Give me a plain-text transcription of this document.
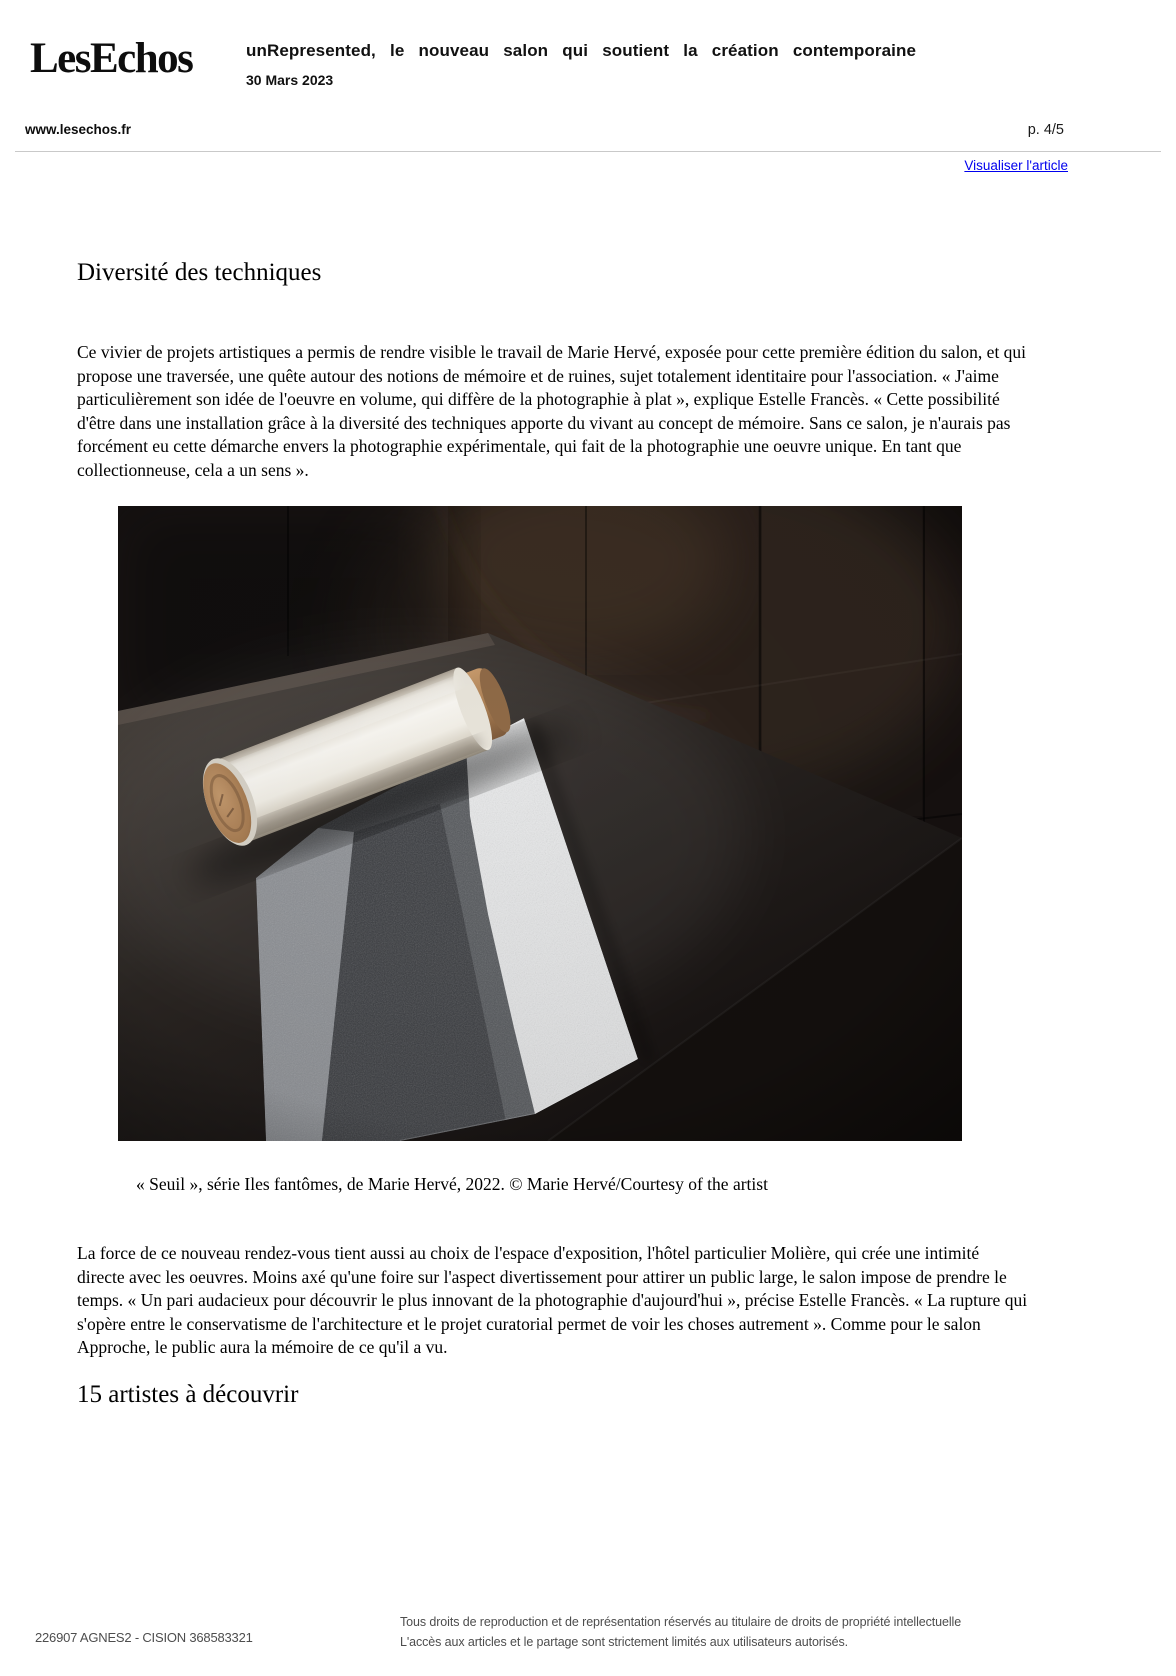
LesEchos	unRepresented, le nouveau salon qui soutient la création contemporaine
30 Mars 2023
www.lesechos.fr	p. 4/5
Visualiser l'article
Diversité des techniques

Ce vivier de projets artistiques a permis de rendre visible le travail de Marie Hervé, exposée pour cette première édition du salon, et qui propose une traversée, une quête autour des notions de mémoire et de ruines, sujet totalement identitaire pour l'association. « J'aime particulièrement son idée de l'oeuvre en volume, qui diffère de la photographie à plat », explique Estelle Francès. « Cette possibilité d'être dans une installation grâce à la diversité des techniques apporte du vivant au concept de mémoire. Sans ce salon, je n'aurais pas forcément eu cette démarche envers la photographie expérimentale, qui fait de la photographie une oeuvre unique. En tant que collectionneuse, cela a un sens ».

« Seuil », série Iles fantômes, de Marie Hervé, 2022. © Marie Hervé/Courtesy of the artist

La force de ce nouveau rendez-vous tient aussi au choix de l'espace d'exposition, l'hôtel particulier Molière, qui crée une intimité directe avec les oeuvres. Moins axé qu'une foire sur l'aspect divertissement pour attirer un public large, le salon impose de prendre le temps. « Un pari audacieux pour découvrir le plus innovant de la photographie d'aujourd'hui », précise Estelle Francès. « La rupture qui s'opère entre le conservatisme de l'architecture et le projet curatorial permet de voir les choses autrement ». Comme pour le salon Approche, le public aura la mémoire de ce qu'il a vu.

15 artistes à découvrir
226907 AGNES2 - CISION 368583321
Tous droits de reproduction et de représentation réservés au titulaire de droits de propriété intellectuelle
L'accès aux articles et le partage sont strictement limités aux utilisateurs autorisés.
